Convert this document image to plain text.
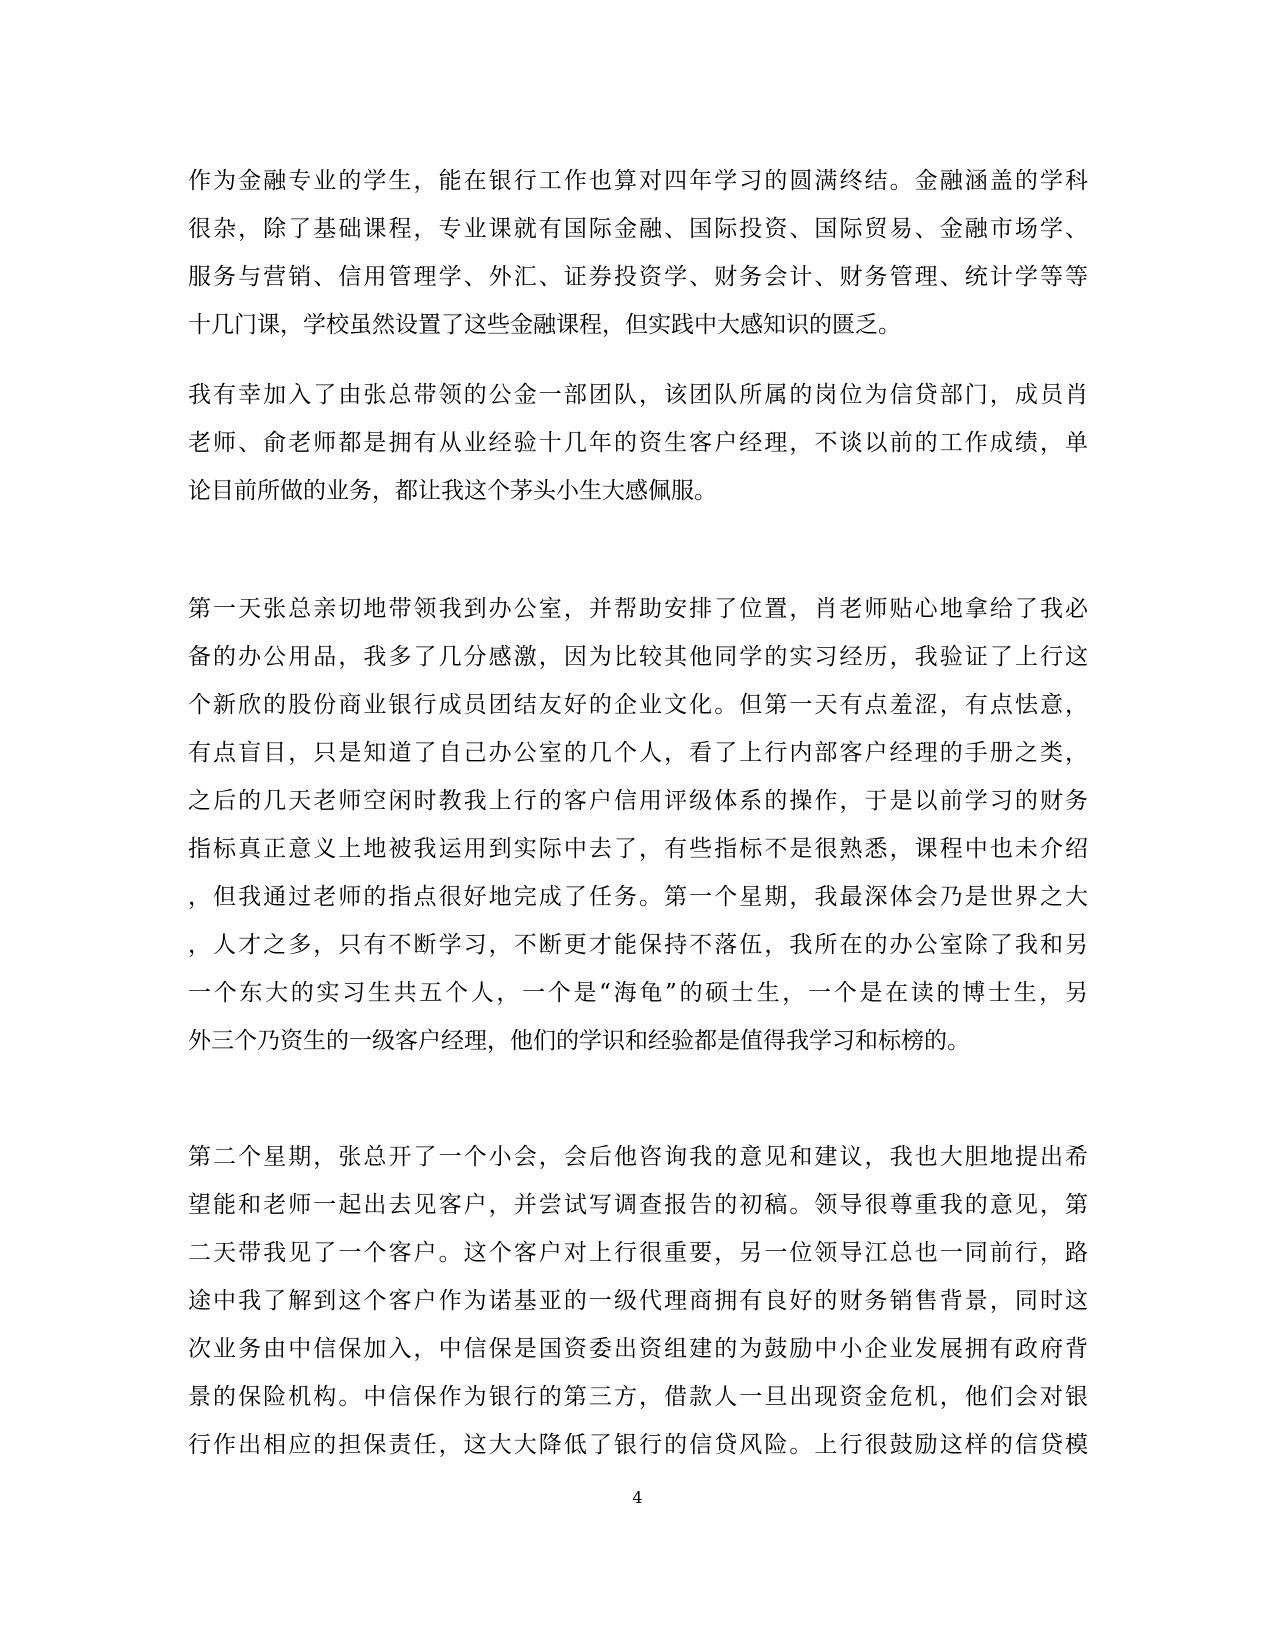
作为金融专业的学生，能在银行工作也算对四年学习的圆满终结。金融涵盖的学科
很杂，除了基础课程，专业课就有国际金融、国际投资、国际贸易、金融市场学、
服务与营销、信用管理学、外汇、证券投资学、财务会计、财务管理、统计学等等
十几门课，学校虽然设置了这些金融课程，但实践中大感知识的匮乏。
我有幸加入了由张总带领的公金一部团队，该团队所属的岗位为信贷部门，成员肖
老师、俞老师都是拥有从业经验十几年的资生客户经理，不谈以前的工作成绩，单
论目前所做的业务，都让我这个茅头小生大感佩服。
第一天张总亲切地带领我到办公室，并帮助安排了位置，肖老师贴心地拿给了我必
备的办公用品，我多了几分感激，因为比较其他同学的实习经历，我验证了上行这
个新欣的股份商业银行成员团结友好的企业文化。但第一天有点羞涩，有点怯意，
有点盲目，只是知道了自己办公室的几个人，看了上行内部客户经理的手册之类，
之后的几天老师空闲时教我上行的客户信用评级体系的操作，于是以前学习的财务
指标真正意义上地被我运用到实际中去了，有些指标不是很熟悉，课程中也未介绍
，但我通过老师的指点很好地完成了任务。第一个星期，我最深体会乃是世界之大
，人才之多，只有不断学习，不断更才能保持不落伍，我所在的办公室除了我和另
一个东大的实习生共五个人，一个是“海龟”的硕士生，一个是在读的博士生，另
外三个乃资生的一级客户经理，他们的学识和经验都是值得我学习和标榜的。
第二个星期，张总开了一个小会，会后他咨询我的意见和建议，我也大胆地提出希
望能和老师一起出去见客户，并尝试写调查报告的初稿。领导很尊重我的意见，第
二天带我见了一个客户。这个客户对上行很重要，另一位领导江总也一同前行，路
途中我了解到这个客户作为诺基亚的一级代理商拥有良好的财务销售背景，同时这
次业务由中信保加入，中信保是国资委出资组建的为鼓励中小企业发展拥有政府背
景的保险机构。中信保作为银行的第三方，借款人一旦出现资金危机，他们会对银
行作出相应的担保责任，这大大降低了银行的信贷风险。上行很鼓励这样的信贷模
4
